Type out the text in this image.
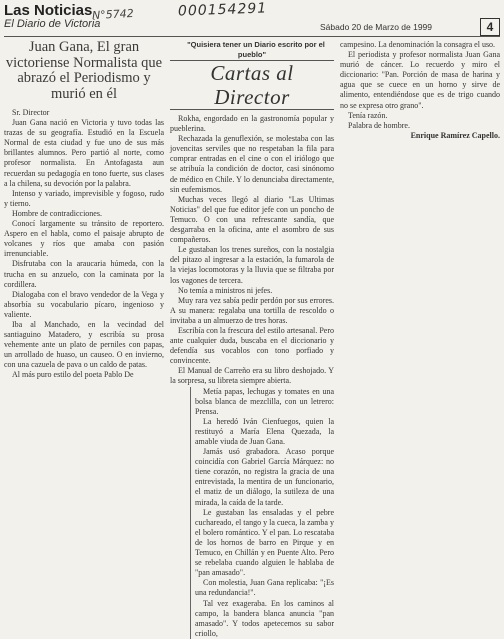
Las Noticias
El Diario de Victoria
N°5742	000154291
Sábado 20 de Marzo de 1999	4
Juan Gana, El gran victoriense Normalista que abrazó el Periodismo y murió en él

Sr. Director

Juan Gana nació en Victoria y tuvo todas las trazas de su geografía. Estudió en la Escuela Normal de esta ciudad y fue uno de sus más brillantes alumnos. Pero partió al norte, como profesor normalista. En Antofagasta aun recuerdan su pedagogía en tono fuerte, sus clases a la chilena, su devoción por la palabra.

Intenso y variado, imprevisible y fogoso, rudo y tierno.

Hombre de contradicciones.

Conocí largamente su tránsito de reportero. Aspero en el habla, como el paisaje abrupto de volcanes y ríos que amaba con pasión irrenunciable.

Disfrutaba con la araucaria húmeda, con la trucha en su anzuelo, con la caminata por la cordillera.

Dialogaba con el bravo vendedor de la Vega y absorbía su vocabulario pícaro, ingenioso y valiente.

Iba al Manchado, en la vecindad del santiaguino Matadero, y escribía su prosa vehemente ante un plato de perniles con papas, un arrollado de huaso, un causeo. O en invierno, con una cazuela de pava o un caldo de patas.

Al más puro estilo del poeta Pablo De

"Quisiera tener un Diario escrito por el pueblo"

Cartas al Director

Rokha, engordado en la gastronomía popular y pueblerina.

Rechazada la genuflexión, se molestaba con las jovencitas serviles que no respetaban la fila para comprar entradas en el cine o con el iriólogo que se atribuía la condición de doctor, casi sinónomo de médico en Chile. Y lo denunciaba directamente, sin eufemismos.

Muchas veces llegó al diario "Las Ultimas Noticias" del que fue editor jefe con un poncho de Temuco. O con una refrescante sandía, que desgarraba en la oficina, ante el asombro de sus compañeros.

Le gustaban los trenes sureños, con la nostalgia del pitazo al ingresar a la estación, la fumarola de la viejas locomotoras y la lluvia que se filtraba por los vagones de tercera.

No temía a ministros ni jefes.

Muy rara vez sabía pedir perdón por sus errores. A su manera: regalaba una tortilla de rescoldo o invitaba a un almuerzo de tres horas.

Escribía con la frescura del estilo artesanal. Pero ante cualquier duda, buscaba en el diccionario y defendía sus vocablos con tono porfiado y convincente.

El Manual de Carreño era su libro deshojado. Y la sorpresa, su libreta siempre abierta.

Metía papas, lechugas y tomates en una bolsa blanca de mezclilla, con un letrero: Prensa.

La heredó Iván Cienfuegos, quien la restituyó a María Elena Quezada, la amable viuda de Juan Gana.

Jamás usó grabadora. Acaso porque coincidía con Gabriel García Márquez: no tiene corazón, no registra la gracia de una entrevistada, la mentira de un funcionario, el matiz de un diálogo, la sutileza de una mirada, la caída de la tarde.

Le gustaban las ensaladas y el pebre cuchareado, el tango y la cueca, la zamba y el bolero romántico. Y el pan. Lo rescataba de los hornos de barro en Pirque y en Temuco, en Chillán y en Puente Alto. Pero se rebelaba cuando alguien le hablaba de "pan amasado".

Con molestia, Juan Gana replicaba: "¡Es una redundancia!".

Tal vez exageraba. En los caminos al campo, la bandera blanca anuncia "pan amasado". Y todos apetecemos su sabor criollo,

campesino. La denominación la consagra el uso.

El periodista y profesor normalista Juan Gana murió de cáncer. Lo recuerdo y miro el diccionario: "Pan. Porción de masa de harina y agua que se cuece en un horno y sirve de alimento, entendiéndose que es de trigo cuando no se expresa otro grano".

Tenía razón.

Palabra de hombre.

Enrique Ramírez Capello.
